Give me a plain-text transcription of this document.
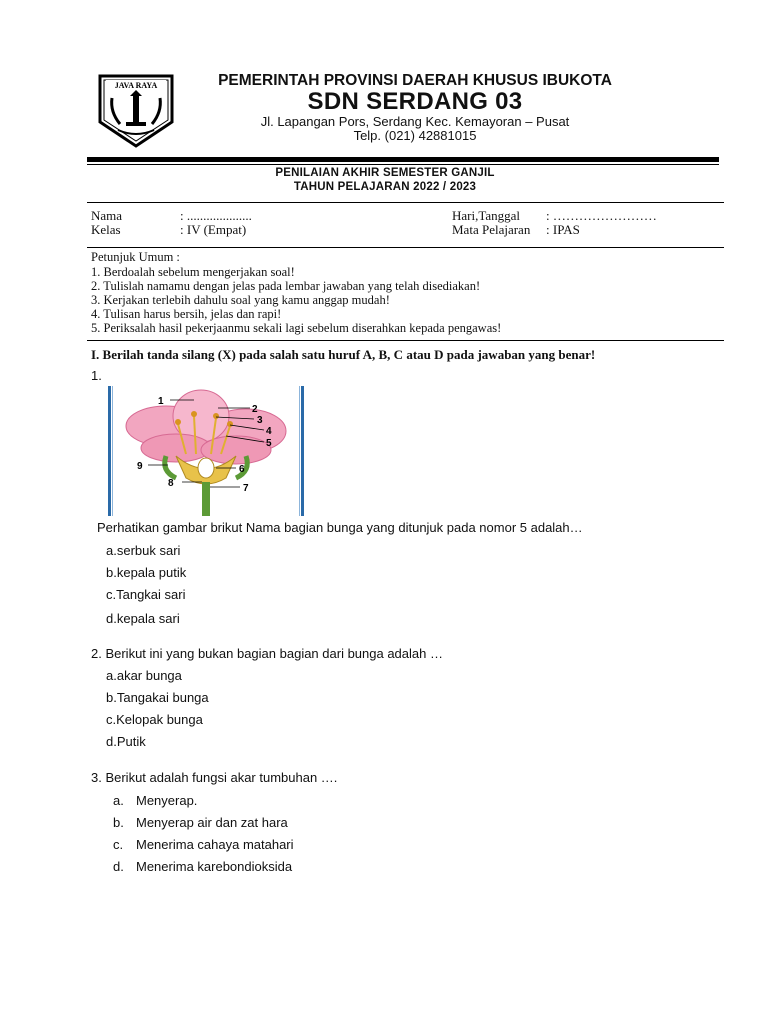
JAVA RAYA	PEMERINTAH PROVINSI DAERAH KHUSUS IBUKOTA
SDN SERDANG 03
Jl. Lapangan Pors, Serdang Kec. Kemayoran – Pusat
Telp. (021) 42881015
PENILAIAN AKHIR SEMESTER GANJIL
TAHUN PELAJARAN 2022 / 2023
Nama	: ....................	Hari,Tanggal : ……………………
Kelas	: IV (Empat)	Mata Pelajaran : IPAS
Petunjuk Umum :
1. Berdoalah sebelum mengerjakan soal!
2. Tulislah namamu dengan jelas pada lembar jawaban yang telah disediakan!
3. Kerjakan terlebih dahulu soal yang kamu anggap mudah!
4. Tulisan harus bersih, jelas dan rapi!
5. Periksalah hasil pekerjaanmu sekali lagi sebelum diserahkan kepada pengawas!
I. Berilah tanda silang (X) pada salah satu huruf A, B, C atau D pada jawaban yang benar!
1.
1
2
3
4
5
6
7
8
9
Perhatikan gambar brikut Nama bagian bunga yang ditunjuk pada nomor 5 adalah…
a.serbuk sari
b.kepala putik
c.Tangkai sari
d.kepala sari
2. Berikut ini yang bukan bagian bagian dari bunga adalah …
a.akar bunga
b.Tangakai bunga
c.Kelopak bunga
d.Putik
3. Berikut adalah fungsi akar tumbuhan ….
a. Menyerap.
b. Menyerap air dan zat hara
c. Menerima cahaya matahari
d. Menerima karebondioksida
